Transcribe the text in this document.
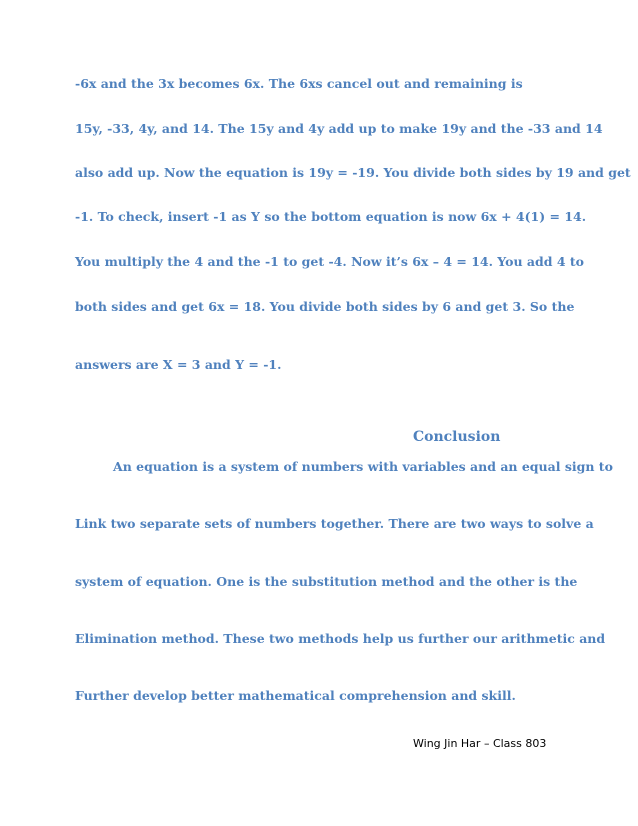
-6x and the 3x becomes 6x. The 6xs cancel out and remaining is

15y, -33, 4y, and 14. The 15y and 4y add up to make 19y and the -33 and 14

also add up. Now the equation is 19y = -19. You divide both sides by 19 and get

-1. To check, insert -1 as Y so the bottom equation is now 6x + 4(1) = 14.

You multiply the 4 and the -1 to get -4. Now it’s 6x – 4 = 14. You add 4 to

both sides and get 6x = 18. You divide both sides by 6 and get 3. So the

answers are X = 3 and Y = -1.

Conclusion

An equation is a system of numbers with variables and an equal sign to

Link two separate sets of numbers together. There are two ways to solve a

system of equation. One is the substitution method and the other is the

Elimination method. These two methods help us further our arithmetic and

Further develop better mathematical comprehension and skill.

Wing Jin Har – Class 803
